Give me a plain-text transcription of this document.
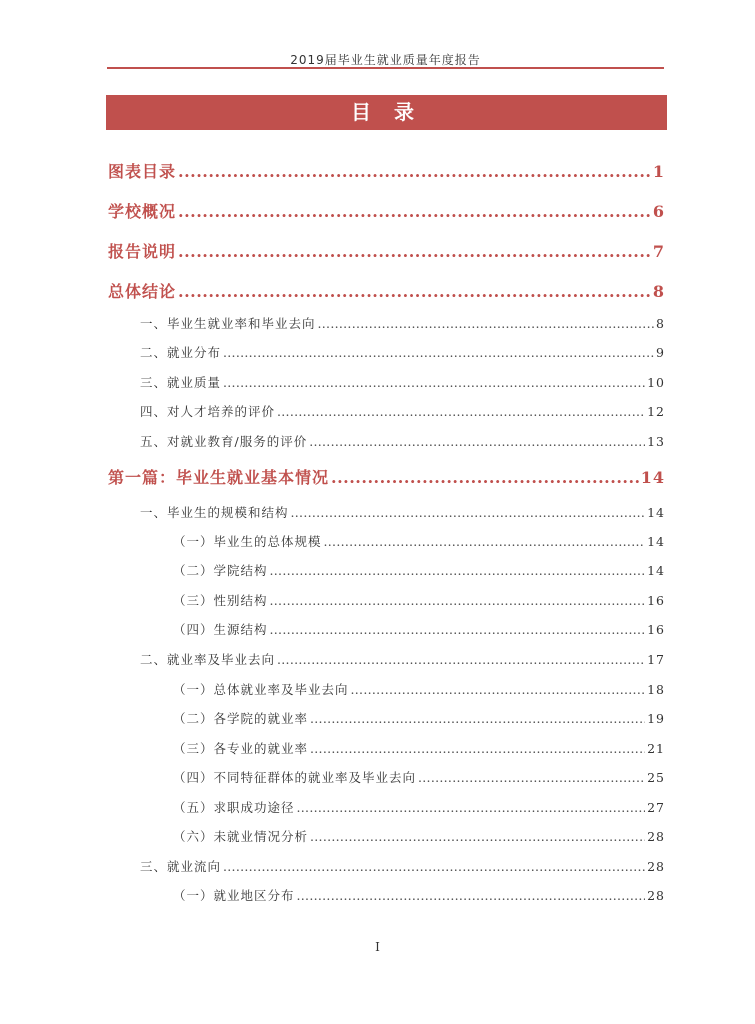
2019届毕业生就业质量年度报告
目 录
图表目录 .....	1
学校概况 .....	6
报告说明 .....	7
总体结论 .....	8
一、毕业生就业率和毕业去向 .....	8
二、就业分布 .....	9
三、就业质量 .....	10
四、对人才培养的评价 .....	12
五、对就业教育/服务的评价 .....	13
第一篇：毕业生就业基本情况 .....	14
一、毕业生的规模和结构 .....	14
（一）毕业生的总体规模 .....	14
（二）学院结构 .....	14
（三）性别结构 .....	16
（四）生源结构 .....	16
二、就业率及毕业去向 .....	17
（一）总体就业率及毕业去向 .....	18
（二）各学院的就业率 .....	19
（三）各专业的就业率 .....	21
（四）不同特征群体的就业率及毕业去向 .....	25
（五）求职成功途径 .....	27
（六）未就业情况分析 .....	28
三、就业流向 .....	28
（一）就业地区分布 .....	28
I
